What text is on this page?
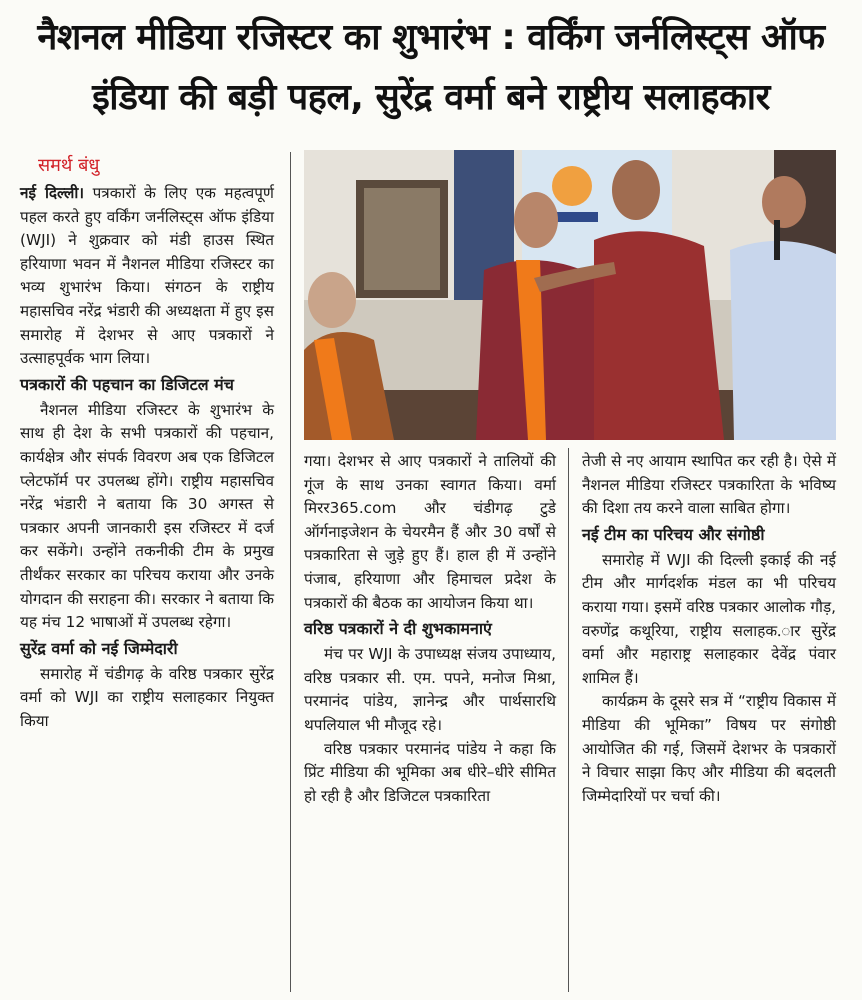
नैशनल मीडिया रजिस्टर का शुभारंभ : वर्किंग जर्नलिस्ट्स ऑफ
इंडिया की बड़ी पहल, सुरेंद्र वर्मा बने राष्ट्रीय सलाहकार
समर्थ बंधु

नई दिल्ली। पत्रकारों के लिए एक महत्वपूर्ण पहल करते हुए वर्किंग जर्नलिस्ट्स ऑफ इंडिया (WJI) ने शुक्रवार को मंडी हाउस स्थित हरियाणा भवन में नैशनल मीडिया रजिस्टर का भव्य शुभारंभ किया। संगठन के राष्ट्रीय महासचिव नरेंद्र भंडारी की अध्यक्षता में हुए इस समारोह में देशभर से आए पत्रकारों ने उत्साहपूर्वक भाग लिया।

पत्रकारों की पहचान का डिजिटल मंच

नैशनल मीडिया रजिस्टर के शुभारंभ के साथ ही देश के सभी पत्रकारों की पहचान, कार्यक्षेत्र और संपर्क विवरण अब एक डिजिटल प्लेटफॉर्म पर उपलब्ध होंगे। राष्ट्रीय महासचिव नरेंद्र भंडारी ने बताया कि 30 अगस्त से पत्रकार अपनी जानकारी इस रजिस्टर में दर्ज कर सकेंगे। उन्होंने तकनीकी टीम के प्रमुख तीर्थंकर सरकार का परिचय कराया और उनके योगदान की सराहना की। सरकार ने बताया कि यह मंच 12 भाषाओं में उपलब्ध रहेगा।

सुरेंद्र वर्मा को नई जिम्मेदारी

समारोह में चंडीगढ़ के वरिष्ठ पत्रकार सुरेंद्र वर्मा को WJI का राष्ट्रीय सलाहकार नियुक्त किया

गया। देशभर से आए पत्रकारों ने तालियों की गूंज के साथ उनका स्वागत किया। वर्मा मिरर365.com और चंडीगढ़ टुडे ऑर्गनाइजेशन के चेयरमैन हैं और 30 वर्षों से पत्रकारिता से जुड़े हुए हैं। हाल ही में उन्होंने पंजाब, हरियाणा और हिमाचल प्रदेश के पत्रकारों की बैठक का आयोजन किया था।

वरिष्ठ पत्रकारों ने दी शुभकामनाएं

मंच पर WJI के उपाध्यक्ष संजय उपाध्याय, वरिष्ठ पत्रकार सी. एम. पपने, मनोज मिश्रा, परमानंद पांडेय, ज्ञानेन्द्र और पार्थसारथि थपलियाल भी मौजूद रहे।

वरिष्ठ पत्रकार परमानंद पांडेय ने कहा कि प्रिंट मीडिया की भूमिका अब धीरे–धीरे सीमित हो रही है और डिजिटल पत्रकारिता

तेजी से नए आयाम स्थापित कर रही है। ऐसे में नैशनल मीडिया रजिस्टर पत्रकारिता के भविष्य की दिशा तय करने वाला साबित होगा।

नई टीम का परिचय और संगोष्ठी

समारोह में WJI की दिल्ली इकाई की नई टीम और मार्गदर्शक मंडल का भी परिचय कराया गया। इसमें वरिष्ठ पत्रकार आलोक गौड़, वरुणेंद्र कथूरिया, राष्ट्रीय सलाहक.ार सुरेंद्र वर्मा और महाराष्ट्र सलाहकार देवेंद्र पंवार शामिल हैं।

कार्यक्रम के दूसरे सत्र में “राष्ट्रीय विकास में मीडिया की भूमिका” विषय पर संगोष्ठी आयोजित की गई, जिसमें देशभर के पत्रकारों ने विचार साझा किए और मीडिया की बदलती जिम्मेदारियों पर चर्चा की।
